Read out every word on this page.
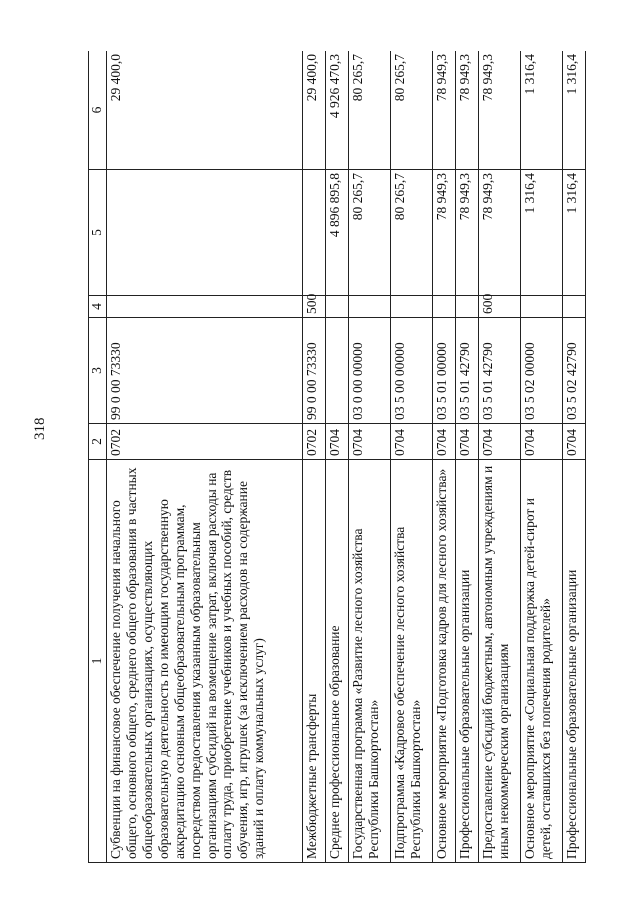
318
1	2	3	4	5	6
Субвенции на финансовое обеспечение получения начального общего, основного общего, среднего общего образования в частных общеобразовательных организациях, осуществляющих образовательную деятельность по имеющим государственную аккредитацию основным общеобразовательным программам, посредством предоставления указанным образовательным организациям субсидий на возмещение затрат, включая расходы на оплату труда, приобретение учебников и учебных пособий, средств обучения, игр, игрушек (за исключением расходов на содержание зданий и оплату коммунальных услуг)	0702	99 0 00 73330			29 400,0
Межбюджетные трансферты	0702	99 0 00 73330	500		29 400,0
Среднее профессиональное образование	0704			4 896 895,8	4 926 470,3
Государственная программа «Развитие лесного хозяйства Республики Башкортостан»	0704	03 0 00 00000		80 265,7	80 265,7
Подпрограмма «Кадровое обеспечение лесного хозяйства Республики Башкортостан»	0704	03 5 00 00000		80 265,7	80 265,7
Основное мероприятие «Подготовка кадров для лесного хозяйства»	0704	03 5 01 00000		78 949,3	78 949,3
Профессиональные образовательные организации	0704	03 5 01 42790		78 949,3	78 949,3
Предоставление субсидий бюджетным, автономным учреждениям и иным некоммерческим организациям	0704	03 5 01 42790	600	78 949,3	78 949,3
Основное мероприятие «Социальная поддержка детей-сирот и детей, оставшихся без попечения родителей»	0704	03 5 02 00000		1 316,4	1 316,4
Профессиональные образовательные организации	0704	03 5 02 42790		1 316,4	1 316,4
